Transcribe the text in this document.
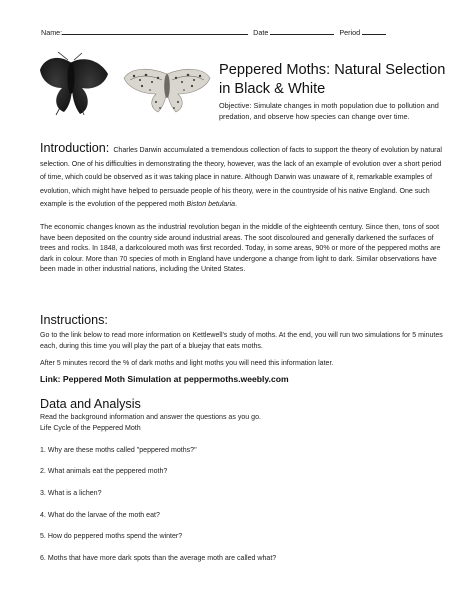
Name:	Date	Period
Peppered Moths: Natural Selection in Black & White
Objective: Simulate changes in moth population due to pollution and predation, and observe how species can change over time.
Introduction: Charles Darwin accumulated a tremendous collection of facts to support the theory of evolution by natural selection. One of his difficulties in demonstrating the theory, however, was the lack of an example of evolution over a short period of time, which could be observed as it was taking place in nature. Although Darwin was unaware of it, remarkable examples of evolution, which might have helped to persuade people of his theory, were in the countryside of his native England. One such example is the evolution of the peppered moth Biston betularia.
The economic changes known as the industrial revolution began in the middle of the eighteenth century. Since then, tons of soot have been deposited on the country side around industrial areas. The soot discoloured and generally darkened the surfaces of trees and rocks. In 1848, a darkcoloured moth was first recorded. Today, in some areas, 90% or more of the peppered moths are dark in colour. More than 70 species of moth in England have undergone a change from light to dark. Similar observations have been made in other industrial nations, including the United States.
Instructions:
Go to the link below to read more information on Kettlewell's study of moths. At the end, you will run two simulations for 5 minutes each, during this time you will play the part of a bluejay that eats moths.
After 5 minutes record the % of dark moths and light moths you will need this information later.
Link: Peppered Moth Simulation at peppermoths.weebly.com
Data and Analysis
Read the background information and answer the questions as you go.
Life Cycle of the Peppered Moth
1. Why are these moths called "peppered moths?"
2. What animals eat the peppered moth?
3. What is a lichen?
4. What do the larvae of the moth eat?
5. How do peppered moths spend the winter?
6. Moths that have more dark spots than the average moth are called what?
